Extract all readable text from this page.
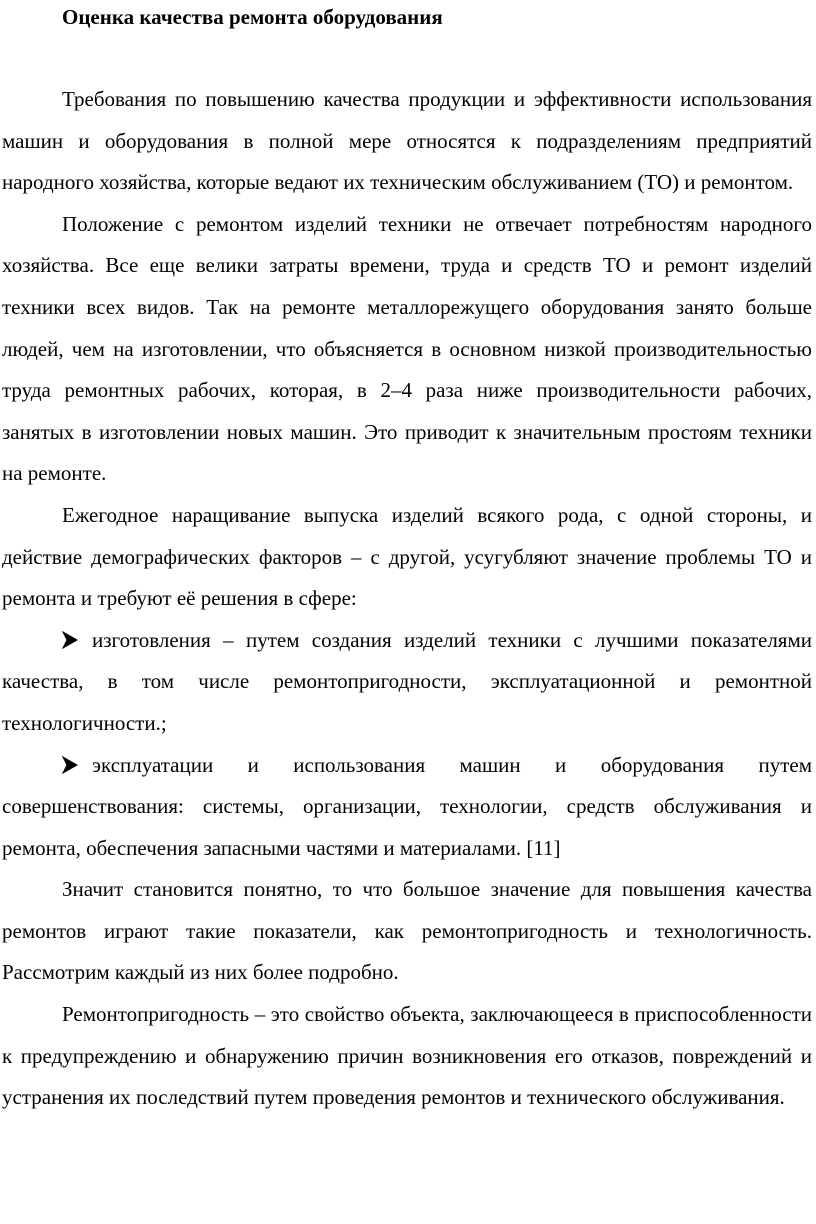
Оценка качества ремонта оборудования

Требования по повышению качества продукции и эффективности использования машин и оборудования в полной мере относятся к подразделениям предприятий народного хозяйства, которые ведают их техническим обслуживанием (ТО) и ремонтом.

Положение с ремонтом изделий техники не отвечает потребностям народного хозяйства. Все еще велики затраты времени, труда и средств ТО и ремонт изделий техники всех видов. Так на ремонте металлорежущего оборудования занято больше людей, чем на изготовлении, что объясняется в основном низкой производительностью труда ремонтных рабочих, которая, в 2–4 раза ниже производительности рабочих, занятых в изготовлении новых машин. Это приводит к значительным простоям техники на ремонте.

Ежегодное наращивание выпуска изделий всякого рода, с одной стороны, и действие демографических факторов – с другой, усугубляют значение проблемы ТО и ремонта и требуют её решения в сфере:

изготовления – путем создания изделий техники с лучшими показателями качества, в том числе ремонтопригодности, эксплуатационной и ремонтной технологичности.;

эксплуатации и использования машин и оборудования путем совершенствования: системы, организации, технологии, средств обслуживания и ремонта, обеспечения запасными частями и материалами. [11]

Значит становится понятно, то что большое значение для повышения качества ремонтов играют такие показатели, как ремонтопригодность и технологичность. Рассмотрим каждый из них более подробно.

Ремонтопригодность – это свойство объекта, заключающееся в приспособленности к предупреждению и обнаружению причин возникновения его отказов, повреждений и устранения их последствий путем проведения ремонтов и технического обслуживания.
